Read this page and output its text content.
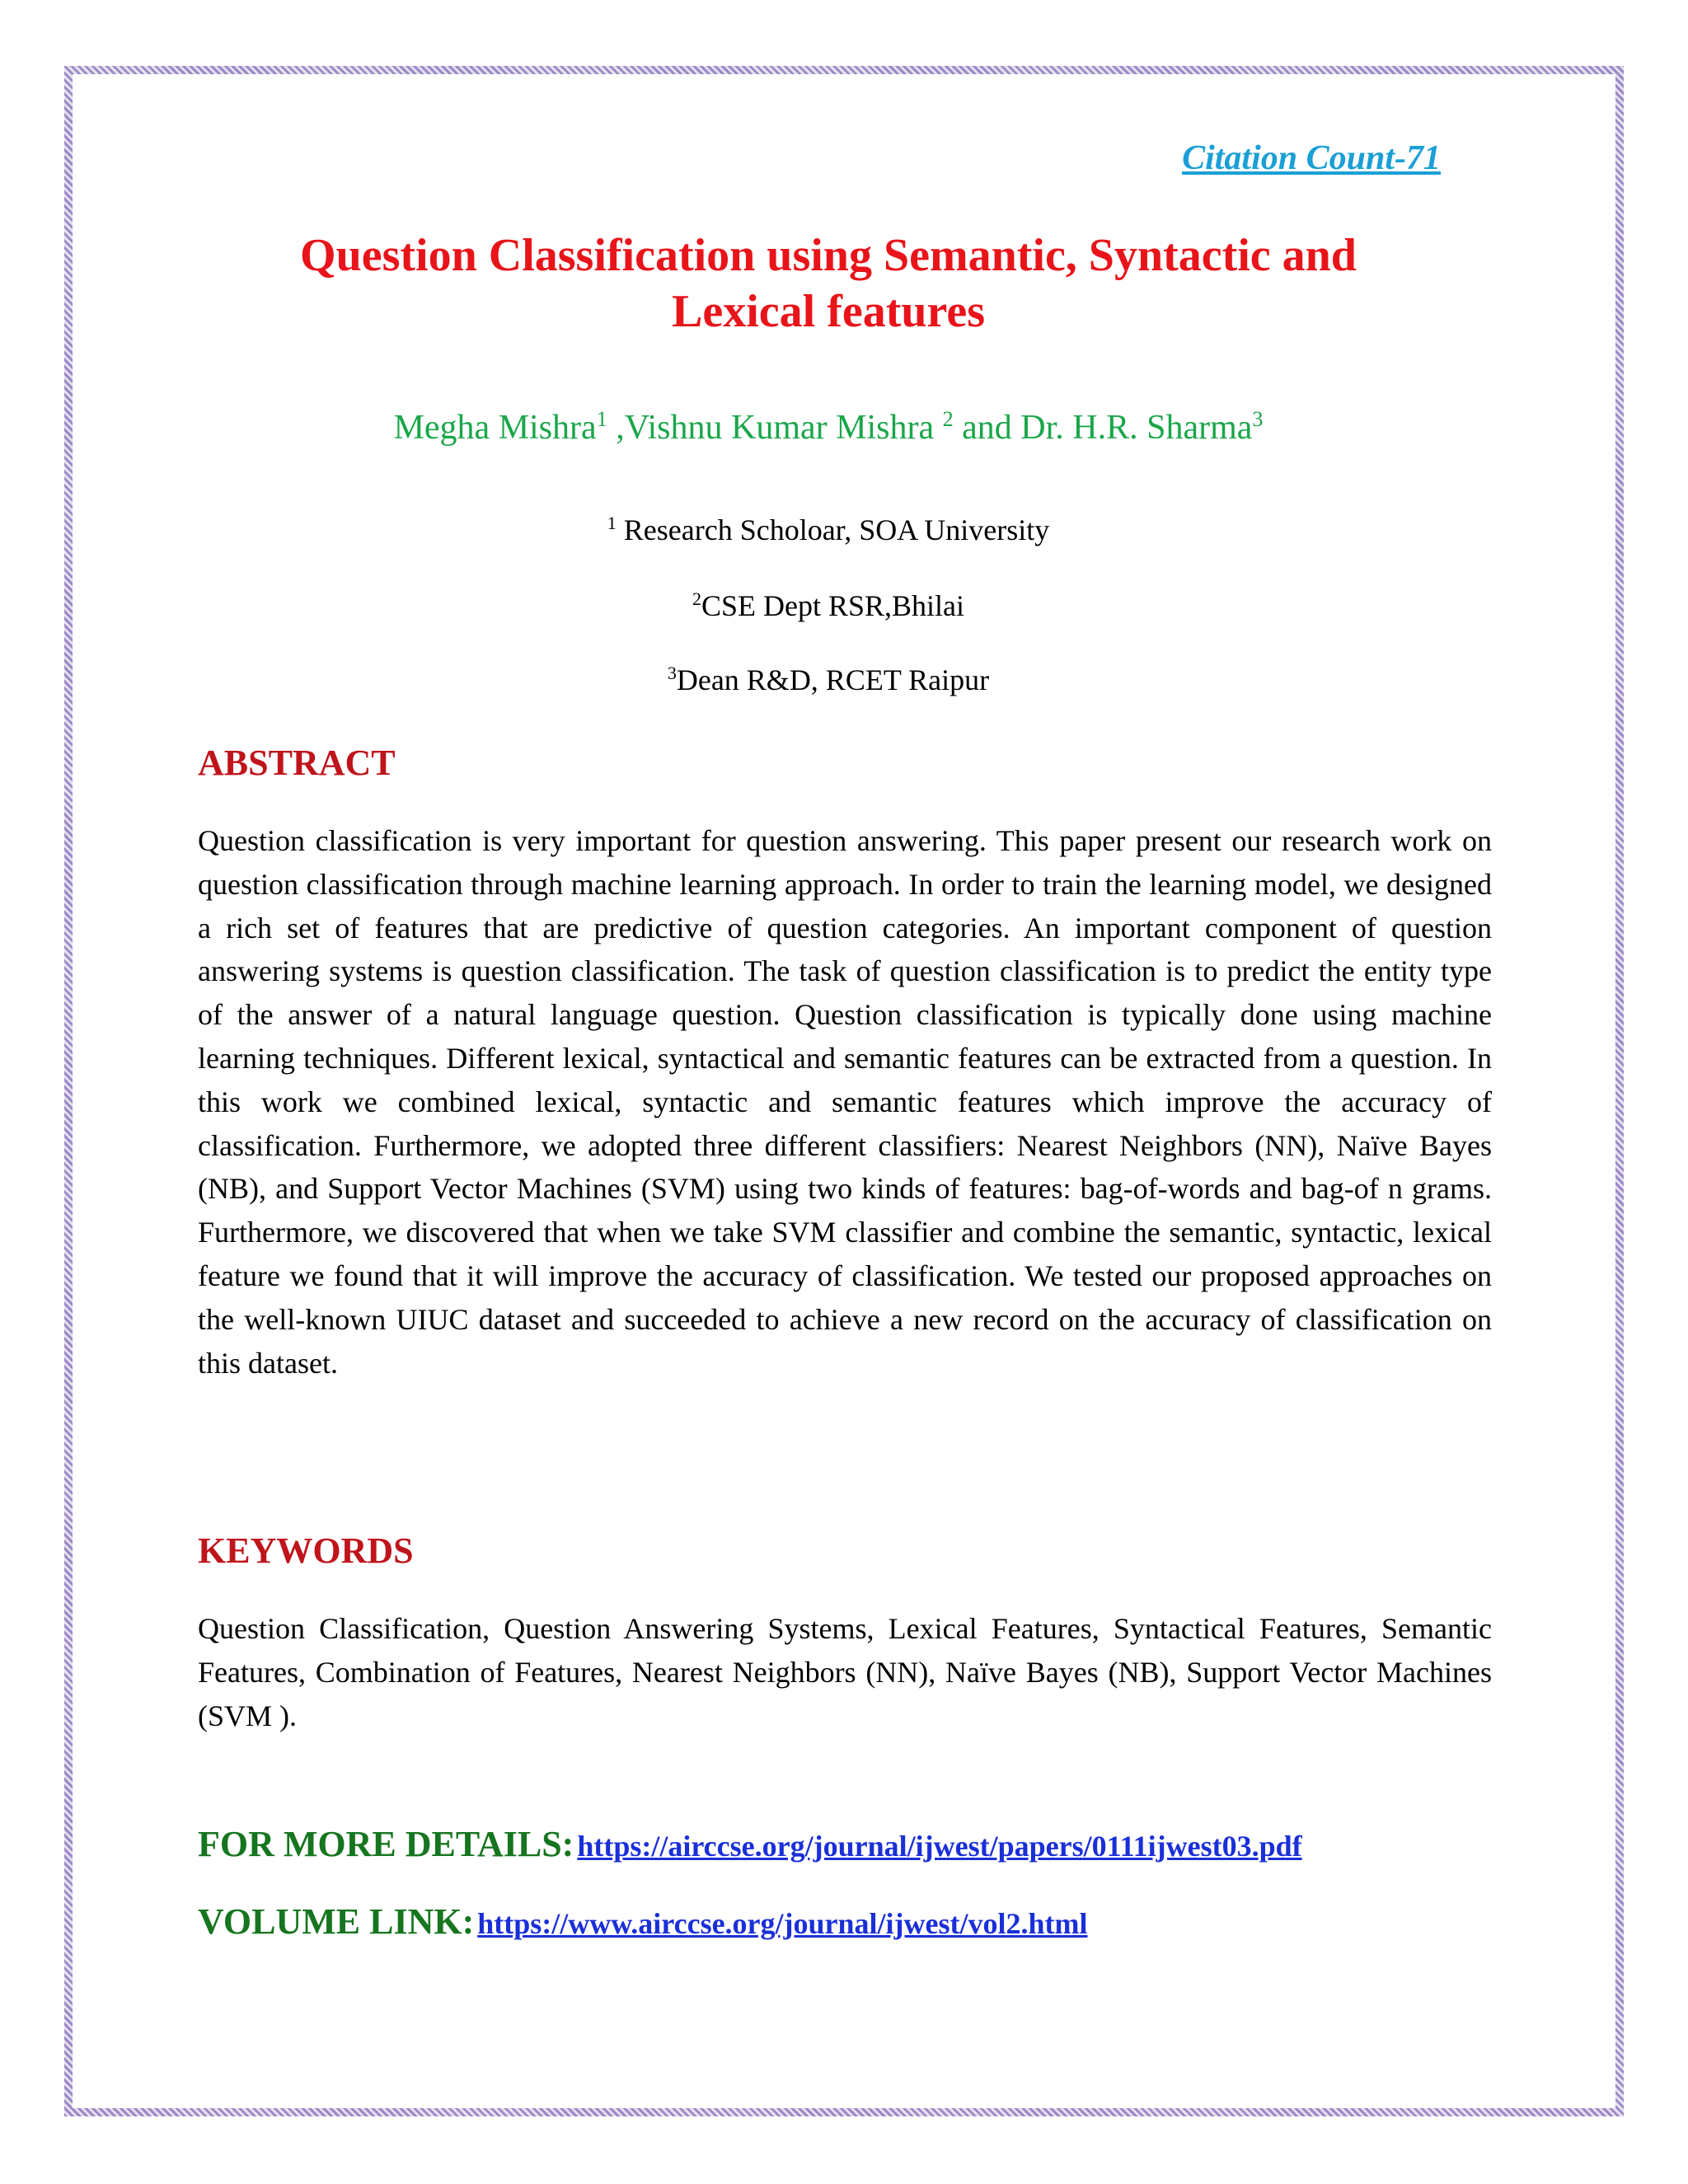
Citation Count-71
Question Classification using Semantic, Syntactic and
Lexical features
Megha Mishra$^1$ ,Vishnu Kumar Mishra $^2$ and Dr. H.R. Sharma$^3$
$^1$ Research Scholoar, SOA University
$^2$CSE Dept RSR,Bhilai
$^3$Dean R&D, RCET Raipur
ABSTRACT

Question classification is very important for question answering. This paper present our research work on question classification through machine learning approach. In order to train the learning model, we designed a rich set of features that are predictive of question categories. An important component of question answering systems is question classification. The task of question classification is to predict the entity type of the answer of a natural language question. Question classification is typically done using machine learning techniques. Different lexical, syntactical and semantic features can be extracted from a question. In this work we combined lexical, syntactic and semantic features which improve the accuracy of classification. Furthermore, we adopted three different classifiers: Nearest Neighbors (NN), Naïve Bayes (NB), and Support Vector Machines (SVM) using two kinds of features: bag-of-words and bag-of n grams. Furthermore, we discovered that when we take SVM classifier and combine the semantic, syntactic, lexical feature we found that it will improve the accuracy of classification. We tested our proposed approaches on the well-known UIUC dataset and succeeded to achieve a new record on the accuracy of classification on this dataset.

KEYWORDS

Question Classification, Question Answering Systems, Lexical Features, Syntactical Features, Semantic Features, Combination of Features, Nearest Neighbors (NN), Naïve Bayes (NB), Support Vector Machines (SVM ).

FOR MORE DETAILS: https://airccse.org/journal/ijwest/papers/0111ijwest03.pdf
VOLUME LINK: https://www.airccse.org/journal/ijwest/vol2.html
